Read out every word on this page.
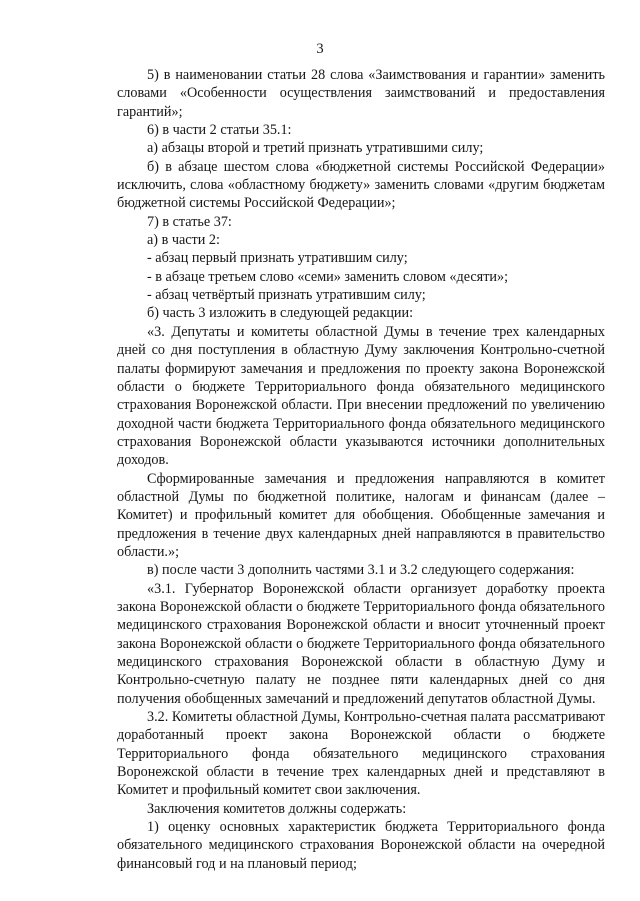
3

5) в наименовании статьи 28 слова «Заимствования и гарантии» заменить словами «Особенности осуществления заимствований и предоставления гарантий»;

6) в части 2 статьи 35.1:

а) абзацы второй и третий признать утратившими силу;

б) в абзаце шестом слова «бюджетной системы Российской Федерации» исключить, слова «областному бюджету» заменить словами «другим бюджетам бюджетной системы Российской Федерации»;

7) в статье 37:

а) в части 2:

- абзац первый признать утратившим силу;

- в абзаце третьем слово «семи» заменить словом «десяти»;

- абзац четвёртый признать утратившим силу;

б) часть 3 изложить в следующей редакции:

«3. Депутаты и комитеты областной Думы в течение трех календарных дней со дня поступления в областную Думу заключения Контрольно-счетной палаты формируют замечания и предложения по проекту закона Воронежской области о бюджете Территориального фонда обязательного медицинского страхования Воронежской области. При внесении предложений по увеличению доходной части бюджета Территориального фонда обязательного медицинского страхования Воронежской области указываются источники дополнительных доходов.

Сформированные замечания и предложения направляются в комитет областной Думы по бюджетной политике, налогам и финансам (далее – Комитет) и профильный комитет для обобщения. Обобщенные замечания и предложения в течение двух календарных дней направляются в правительство области.»;

в) после части 3 дополнить частями 3.1 и 3.2 следующего содержания:

«3.1. Губернатор Воронежской области организует доработку проекта закона Воронежской области о бюджете Территориального фонда обязательного медицинского страхования Воронежской области и вносит уточненный проект закона Воронежской области о бюджете Территориального фонда обязательного медицинского страхования Воронежской области в областную Думу и Контрольно-счетную палату не позднее пяти календарных дней со дня получения обобщенных замечаний и предложений депутатов областной Думы.

3.2. Комитеты областной Думы, Контрольно-счетная палата рассматривают доработанный проект закона Воронежской области о бюджете Территориального фонда обязательного медицинского страхования Воронежской области в течение трех календарных дней и представляют в Комитет и профильный комитет свои заключения.

Заключения комитетов должны содержать:

1) оценку основных характеристик бюджета Территориального фонда обязательного медицинского страхования Воронежской области на очередной финансовый год и на плановый период;
